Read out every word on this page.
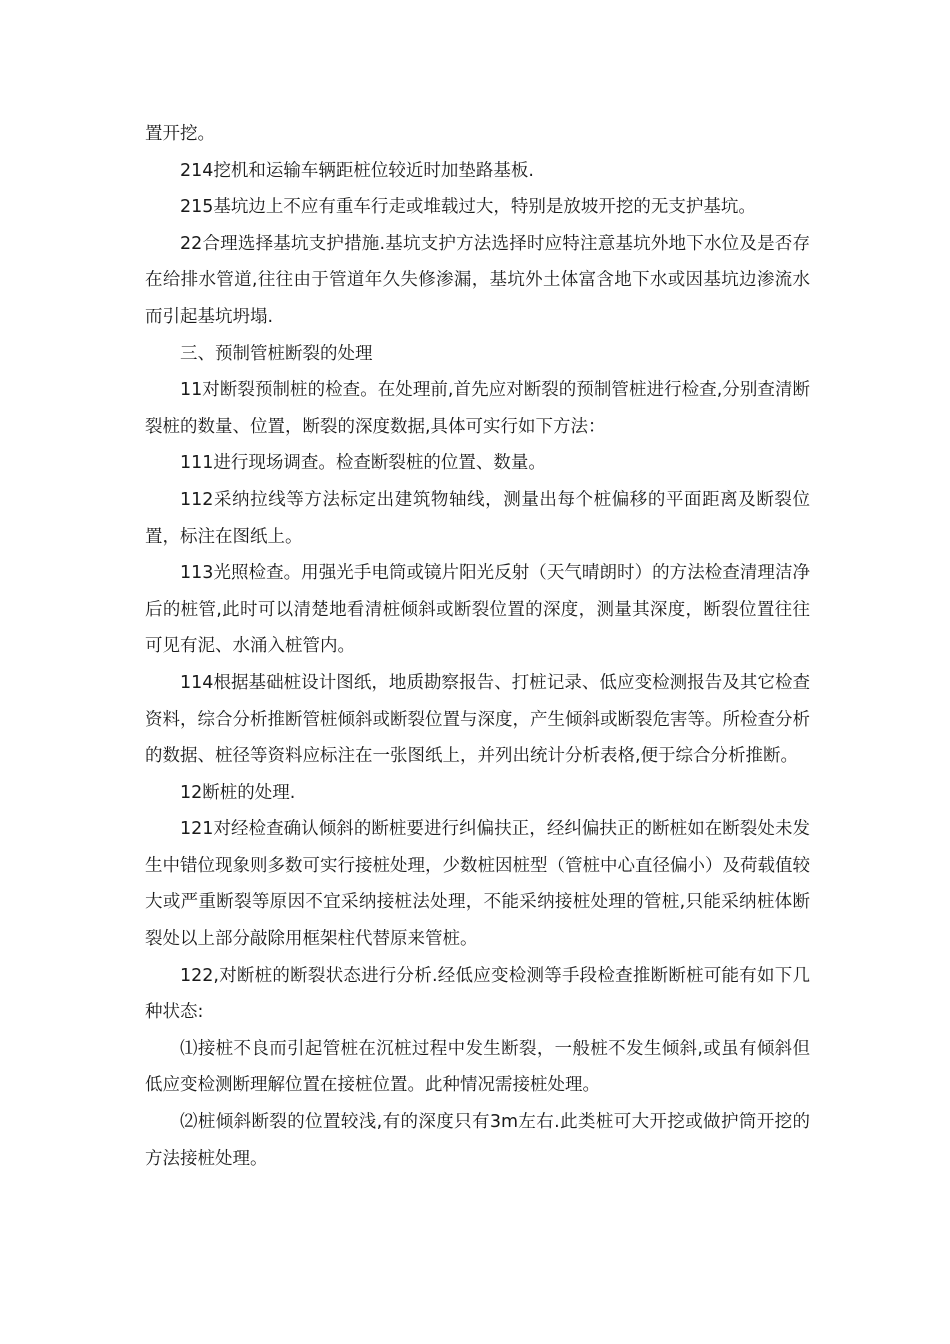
置开挖。

214挖机和运输车辆距桩位较近时加垫路基板.

215基坑边上不应有重车行走或堆载过大，特别是放坡开挖的无支护基坑。

22合理选择基坑支护措施.基坑支护方法选择时应特注意基坑外地下水位及是否存在给排水管道,往往由于管道年久失修渗漏，基坑外土体富含地下水或因基坑边渗流水而引起基坑坍塌.

三、预制管桩断裂的处理

11对断裂预制桩的检查。在处理前,首先应对断裂的预制管桩进行检查,分别查清断裂桩的数量、位置，断裂的深度数据,具体可实行如下方法：

111进行现场调查。检查断裂桩的位置、数量。

112采纳拉线等方法标定出建筑物轴线，测量出每个桩偏移的平面距离及断裂位置，标注在图纸上。

113光照检查。用强光手电筒或镜片阳光反射（天气晴朗时）的方法检查清理洁净后的桩管,此时可以清楚地看清桩倾斜或断裂位置的深度，测量其深度，断裂位置往往可见有泥、水涌入桩管内。

114根据基础桩设计图纸，地质勘察报告、打桩记录、低应变检测报告及其它检查资料，综合分析推断管桩倾斜或断裂位置与深度，产生倾斜或断裂危害等。所检查分析的数据、桩径等资料应标注在一张图纸上，并列出统计分析表格,便于综合分析推断。

12断桩的处理.

121对经检查确认倾斜的断桩要进行纠偏扶正，经纠偏扶正的断桩如在断裂处未发生中错位现象则多数可实行接桩处理，少数桩因桩型（管桩中心直径偏小）及荷载值较大或严重断裂等原因不宜采纳接桩法处理，不能采纳接桩处理的管桩,只能采纳桩体断裂处以上部分敲除用框架柱代替原来管桩。

122,对断桩的断裂状态进行分析.经低应变检测等手段检查推断断桩可能有如下几种状态:

⑴接桩不良而引起管桩在沉桩过程中发生断裂，一般桩不发生倾斜,或虽有倾斜但低应变检测断理解位置在接桩位置。此种情况需接桩处理。

⑵桩倾斜断裂的位置较浅,有的深度只有3m左右.此类桩可大开挖或做护筒开挖的方法接桩处理。
